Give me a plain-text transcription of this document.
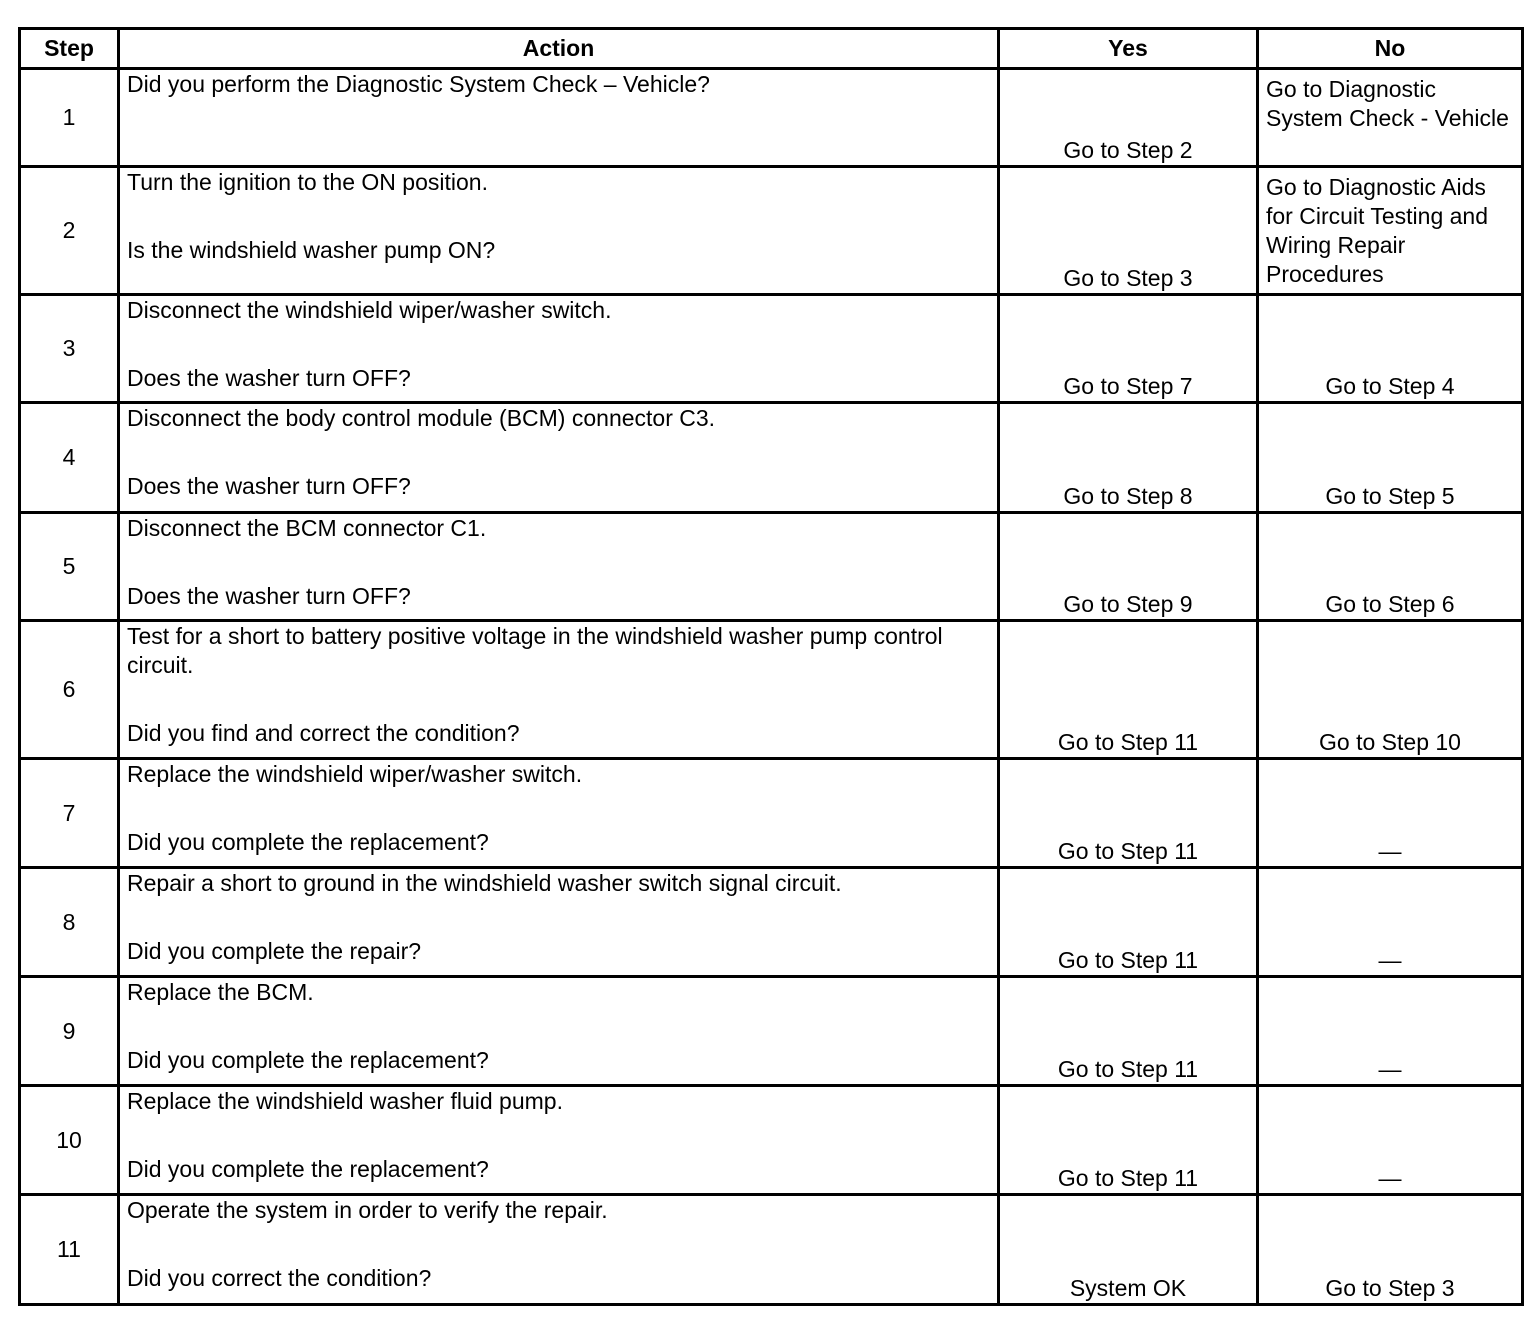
Step	Action	Yes	No
1	Did you perform the Diagnostic System Check – Vehicle?	Go to Step 2	Go to Diagnostic System Check - Vehicle
2	Turn the ignition to the ON position.
Is the windshield washer pump ON?	Go to Step 3	Go to Diagnostic Aids for Circuit Testing and Wiring Repair Procedures
3	Disconnect the windshield wiper/washer switch.
Does the washer turn OFF?	Go to Step 7	Go to Step 4
4	Disconnect the body control module (BCM) connector C3.
Does the washer turn OFF?	Go to Step 8	Go to Step 5
5	Disconnect the BCM connector C1.
Does the washer turn OFF?	Go to Step 9	Go to Step 6
6	Test for a short to battery positive voltage in the windshield washer pump control circuit.
Did you find and correct the condition?	Go to Step 11	Go to Step 10
7	Replace the windshield wiper/washer switch.
Did you complete the replacement?	Go to Step 11	—
8	Repair a short to ground in the windshield washer switch signal circuit.
Did you complete the repair?	Go to Step 11	—
9	Replace the BCM.
Did you complete the replacement?	Go to Step 11	—
10	Replace the windshield washer fluid pump.
Did you complete the replacement?	Go to Step 11	—
11	Operate the system in order to verify the repair.
Did you correct the condition?	System OK	Go to Step 3
